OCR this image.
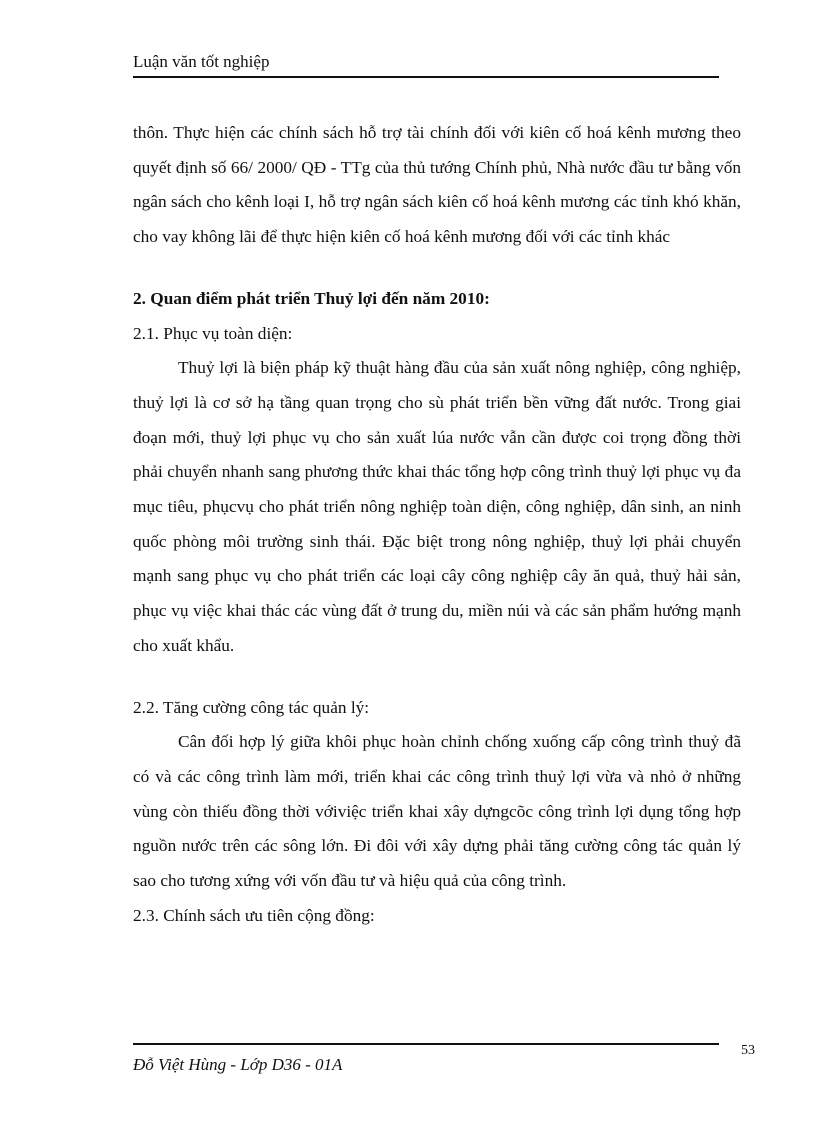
Luận văn tốt nghiệp

thôn. Thực hiện các chính sách hỗ trợ tài chính đối với kiên cố hoá kênh mương theo quyết định số 66/ 2000/ QĐ - TTg của thủ tướng Chính phủ, Nhà nước đầu tư bằng vốn ngân sách cho kênh loại I, hỗ trợ ngân sách kiên cố hoá kênh mương các tỉnh khó khăn, cho vay không lãi để thực hiện kiên cố hoá kênh mương đối với các tỉnh khác

2. Quan điểm phát triển Thuỷ lợi đến năm 2010:

2.1. Phục vụ toàn diện:

Thuỷ lợi là biện pháp kỹ thuật hàng đầu của sản xuất nông nghiệp, công nghiệp, thuỷ lợi là cơ sở hạ tầng quan trọng cho sù phát triển bền vững đất nước. Trong giai đoạn mới, thuỷ lợi phục vụ cho sản xuất lúa nước vẫn cần được coi trọng đồng thời phải chuyển nhanh sang phương thức khai thác tổng hợp công trình thuỷ lợi phục vụ đa mục tiêu, phụcvụ cho phát triển nông nghiệp toàn diện, công nghiệp, dân sinh, an ninh quốc phòng môi trường sinh thái. Đặc biệt trong nông nghiệp, thuỷ lợi phải chuyển mạnh sang phục vụ cho phát triển các loại cây công nghiệp cây ăn quả, thuỷ hải sản, phục vụ việc khai thác các vùng đất ở trung du, miền núi và các sản phẩm hướng mạnh cho xuất khẩu.

2.2. Tăng cường công tác quản lý:

Cân đối hợp lý giữa khôi phục hoàn chỉnh chống xuống cấp công trình thuỷ đã có và các công trình làm mới, triển khai các công trình thuỷ lợi vừa và nhỏ ở những vùng còn thiếu đồng thời vớiviệc triển khai xây dựngcõc công trình lợi dụng tổng hợp nguồn nước trên các sông lớn. Đi đôi với xây dựng phải tăng cường công tác quản lý sao cho tương xứng với vốn đầu tư và hiệu quả của công trình.

2.3. Chính sách ưu tiên cộng đồng:

Đỗ Việt Hùng - Lớp D36 - 01A
53
